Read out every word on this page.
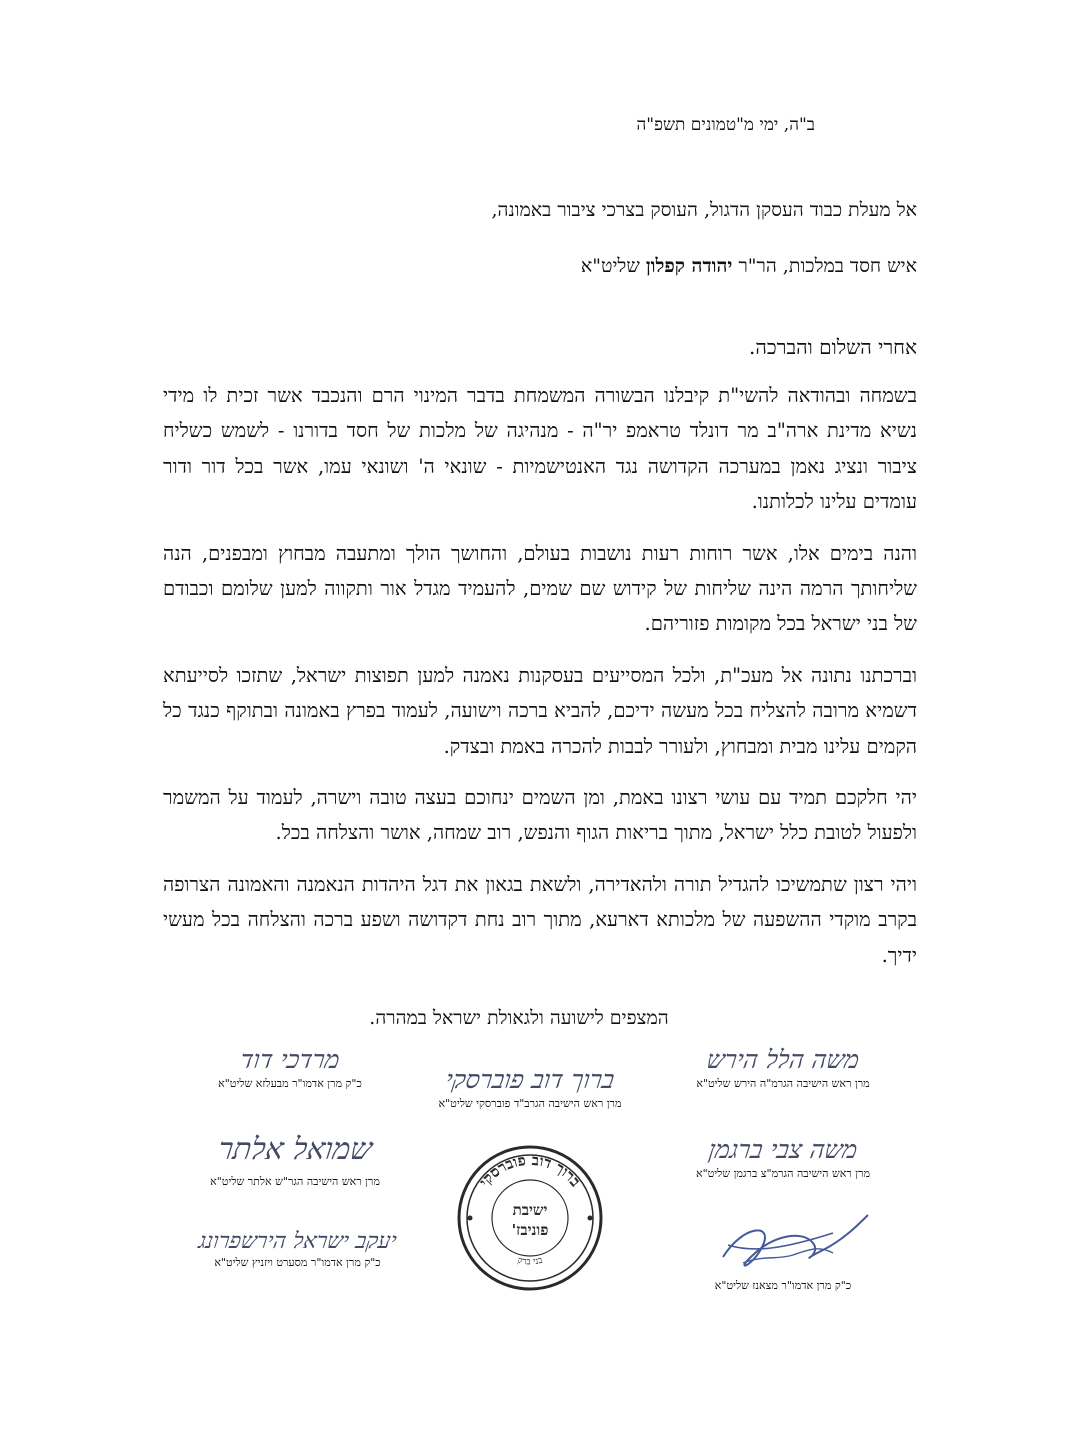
ב"ה, ימי מ"טמונים תשפ"ה
אל מעלת כבוד העסקן הדגול, העוסק בצרכי ציבור באמונה,
איש חסד במלכות, הר"ר יהודה קפלון שליט"א
אחרי השלום והברכה.

בשמחה ובהודאה להשי"ת קיבלנו הבשורה המשמחת בדבר המינוי הרם והנכבד אשר זכית לו מידי נשיא מדינת ארה"ב מר דונלד טראמפ יר"ה - מנהיגה של מלכות של חסד בדורנו - לשמש כשליח ציבור ונציג נאמן במערכה הקדושה נגד האנטישמיות - שונאי ה' ושונאי עמו, אשר בכל דור ודור עומדים עלינו לכלותנו.

והנה בימים אלו, אשר רוחות רעות נושבות בעולם, והחושך הולך ומתעבה מבחוץ ומבפנים, הנה שליחותך הרמה הינה שליחות של קידוש שם שמים, להעמיד מגדל אור ותקווה למען שלומם וכבודם של בני ישראל בכל מקומות פזוריהם.

וברכתנו נתונה אל מעכ"ת, ולכל המסייעים בעסקנות נאמנה למען תפוצות ישראל, שתזכו לסייעתא דשמיא מרובה להצליח בכל מעשה ידיכם, להביא ברכה וישועה, לעמוד בפרץ באמונה ובתוקף כנגד כל הקמים עלינו מבית ומבחוץ, ולעורר לבבות להכרה באמת ובצדק.

יהי חלקכם תמיד עם עושי רצונו באמת, ומן השמים ינחוכם בעצה טובה וישרה, לעמוד על המשמר ולפעול לטובת כלל ישראל, מתוך בריאות הגוף והנפש, רוב שמחה, אושר והצלחה בכל.

ויהי רצון שתמשיכו להגדיל תורה ולהאדירה, ולשאת בגאון את דגל היהדות הנאמנה והאמונה הצרופה בקרב מוקדי ההשפעה של מלכותא דארעא, מתוך רוב נחת דקדושה ושפע ברכה והצלחה בכל מעשי ידיך.

המצפים לישועה ולגאולת ישראל במהרה.
משה הלל הירש
מרן ראש הישיבה הגרמ"ה הירש שליט"א
משה צבי ברגמן
מרן ראש הישיבה הגרמ"צ ברגמן שליט"א
כ"ק מרן אדמו"ר מצאנז שליט"א
ברוך דוב פוברסקי
מרן ראש הישיבה הגרב"ד פוברסקי שליט"א
ברוך דוב פוברסקי
בני ברק
ישיבת
פוניבז'
מרדכי דוד
כ"ק מרן אדמו"ר מבעלזא שליט"א
שמואל אלתר
מרן ראש הישיבה הגר"ש אלתר שליט"א
יעקב ישראל הירשפרונג
כ"ק מרן אדמו"ר מסערט ויזניץ שליט"א
